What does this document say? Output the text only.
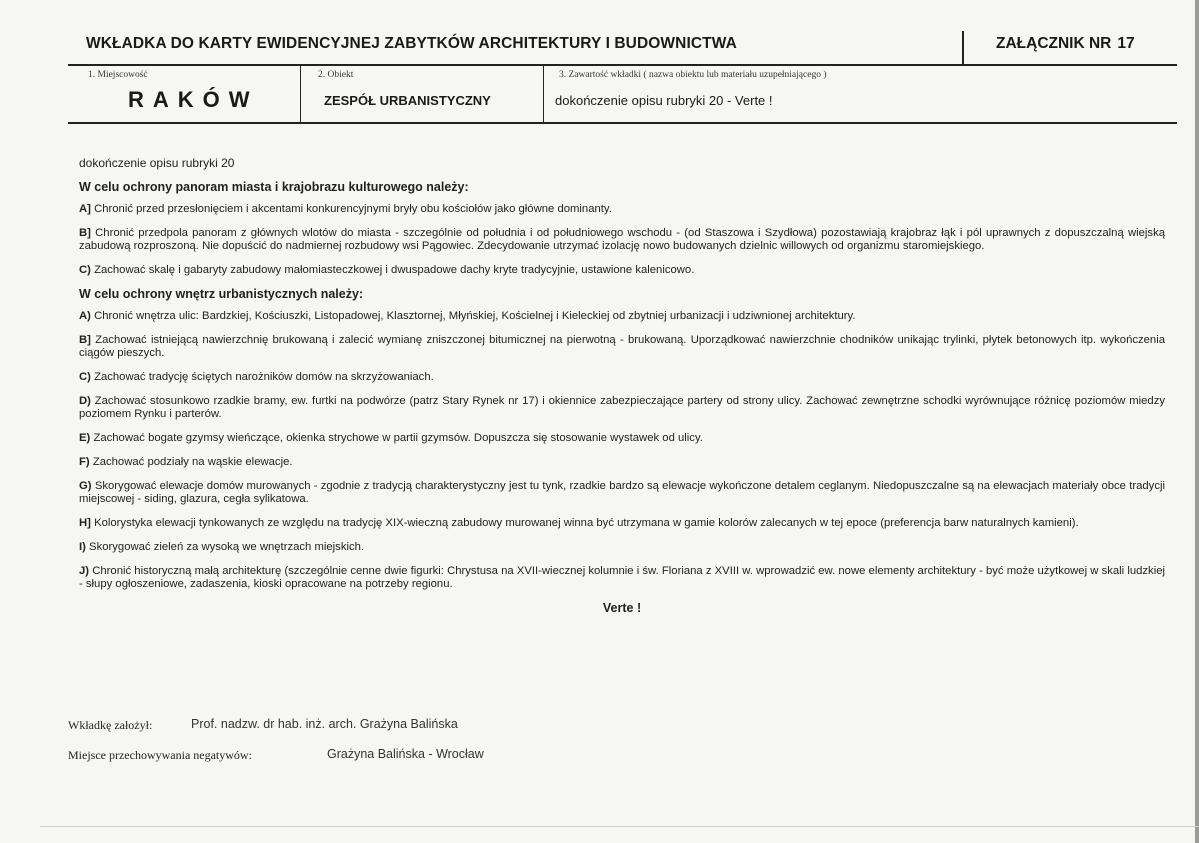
WKŁADKA DO KARTY EWIDENCYJNEJ ZABYTKÓW ARCHITEKTURY I BUDOWNICTWA	ZAŁĄCZNIK NR 17
1. Miejscowość	2. Obiekt	3. Zawartość wkładki ( nazwa obiektu lub materiału uzupełniającego )
RAKÓW	ZESPÓŁ URBANISTYCZNY	dokończenie opisu rubryki 20 - Verte !

dokończenie opisu rubryki 20

W celu ochrony panoram miasta i krajobrazu kulturowego należy:

A] Chronić przed przesłonięciem i akcentami konkurencyjnymi bryły obu kościołów jako główne dominanty.

B] Chronić przedpola panoram z głównych wlotów do miasta - szczególnie od południa i od południowego wschodu - (od Staszowa i Szydłowa) pozostawiają krajobraz łąk i pól uprawnych z dopuszczalną wiejską zabudową rozproszoną. Nie dopuścić do nadmiernej rozbudowy wsi Pągowiec. Zdecydowanie utrzymać izolację nowo budowanych dzielnic willowych od organizmu staromiejskiego.

C) Zachować skalę i gabaryty zabudowy małomiasteczkowej i dwuspadowe dachy kryte tradycyjnie, ustawione kalenicowo.

W celu ochrony wnętrz urbanistycznych należy:

A) Chronić wnętrza ulic: Bardzkiej, Kościuszki, Listopadowej, Klasztornej, Młyńskiej, Kościelnej i Kieleckiej od zbytniej urbanizacji i udziwnionej architektury.

B] Zachować istniejącą nawierzchnię brukowaną i zalecić wymianę zniszczonej bitumicznej na pierwotną - brukowaną. Uporządkować nawierzchnie chodników unikając trylinki, płytek betonowych itp. wykończenia ciągów pieszych.

C) Zachować tradycję ściętych narożników domów na skrzyżowaniach.

D) Zachować stosunkowo rzadkie bramy, ew. furtki na podwórze (patrz Stary Rynek nr 17) i okiennice zabezpieczające partery od strony ulicy. Zachować zewnętrzne schodki wyrównujące różnicę poziomów miedzy poziomem Rynku i parterów.

E) Zachować bogate gzymsy wieńczące, okienka strychowe w partii gzymsów. Dopuszcza się stosowanie wystawek od ulicy.

F) Zachować podziały na wąskie elewacje.

G) Skorygować elewacje domów murowanych - zgodnie z tradycją charakterystyczny jest tu tynk, rzadkie bardzo są elewacje wykończone detalem ceglanym. Niedopuszczalne są na elewacjach materiały obce tradycji miejscowej - siding, glazura, cegła sylikatowa.

H] Kolorystyka elewacji tynkowanych ze względu na tradycję XIX-wieczną zabudowy murowanej winna być utrzymana w gamie kolorów zalecanych w tej epoce (preferencja barw naturalnych kamieni).

I) Skorygować zieleń za wysoką we wnętrzach miejskich.

J) Chronić historyczną małą architekturę (szczególnie cenne dwie figurki: Chrystusa na XVII-wiecznej kolumnie i św. Floriana z XVIII w. wprowadzić ew. nowe elementy architektury - być może użytkowej w skali ludzkiej - słupy ogłoszeniowe, zadaszenia, kioski opracowane na potrzeby regionu.

Verte !

Wkładkę założył:	Prof. nadzw. dr hab. inż. arch. Grażyna Balińska
Miejsce przechowywania negatywów:	Grażyna Balińska - Wrocław
